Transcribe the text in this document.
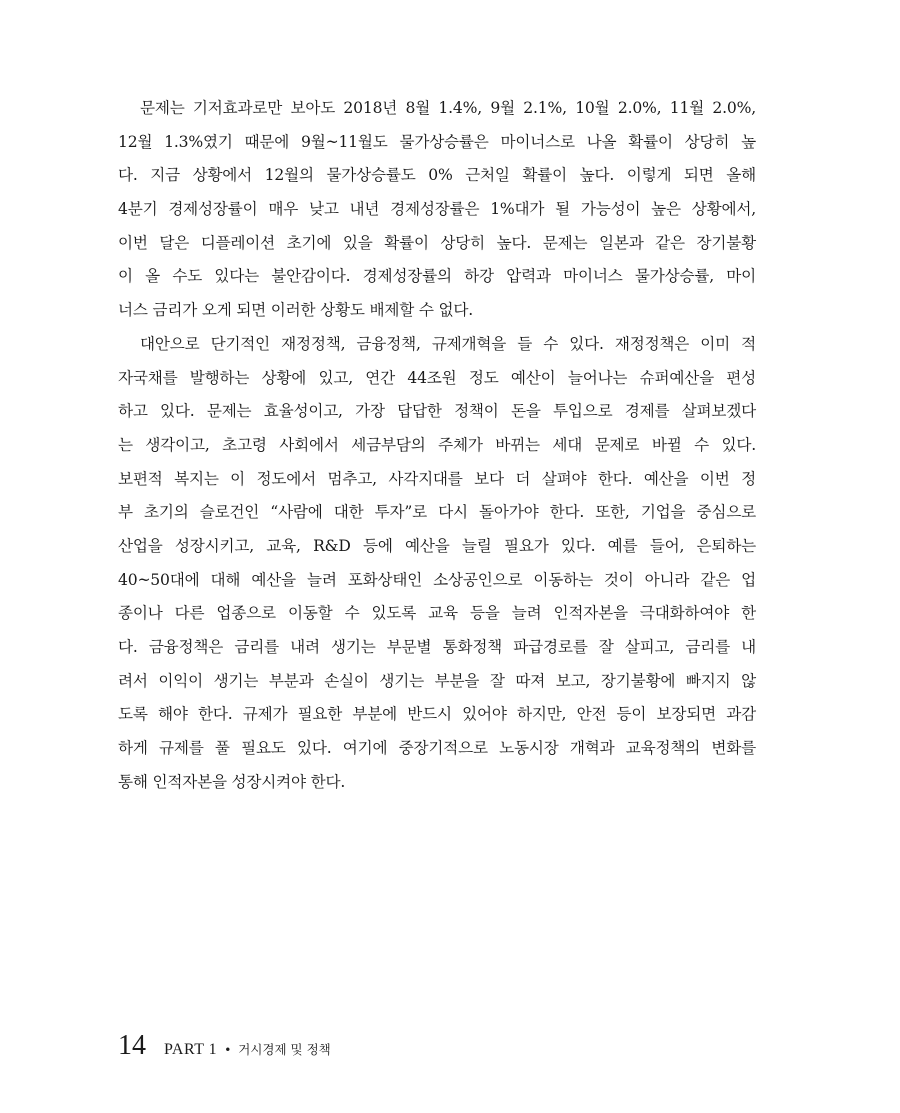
문제는 기저효과로만 보아도 2018년 8월 1.4%, 9월 2.1%, 10월 2.0%, 11월 2.0%,
12월 1.3%였기 때문에 9월~11월도 물가상승률은 마이너스로 나올 확률이 상당히 높
다. 지금 상황에서 12월의 물가상승률도 0% 근처일 확률이 높다. 이렇게 되면 올해
4분기 경제성장률이 매우 낮고 내년 경제성장률은 1%대가 될 가능성이 높은 상황에서,
이번 달은 디플레이션 초기에 있을 확률이 상당히 높다. 문제는 일본과 같은 장기불황
이 올 수도 있다는 불안감이다. 경제성장률의 하강 압력과 마이너스 물가상승률, 마이
너스 금리가 오게 되면 이러한 상황도 배제할 수 없다.
대안으로 단기적인 재정정책, 금융정책, 규제개혁을 들 수 있다. 재정정책은 이미 적
자국채를 발행하는 상황에 있고, 연간 44조원 정도 예산이 늘어나는 슈퍼예산을 편성
하고 있다. 문제는 효율성이고, 가장 답답한 정책이 돈을 투입으로 경제를 살펴보겠다
는 생각이고, 초고령 사회에서 세금부담의 주체가 바뀌는 세대 문제로 바뀔 수 있다.
보편적 복지는 이 정도에서 멈추고, 사각지대를 보다 더 살펴야 한다. 예산을 이번 정
부 초기의 슬로건인 “사람에 대한 투자”로 다시 돌아가야 한다. 또한, 기업을 중심으로
산업을 성장시키고, 교육, R&D 등에 예산을 늘릴 필요가 있다. 예를 들어, 은퇴하는
40~50대에 대해 예산을 늘려 포화상태인 소상공인으로 이동하는 것이 아니라 같은 업
종이나 다른 업종으로 이동할 수 있도록 교육 등을 늘려 인적자본을 극대화하여야 한
다. 금융정책은 금리를 내려 생기는 부문별 통화정책 파급경로를 잘 살피고, 금리를 내
려서 이익이 생기는 부분과 손실이 생기는 부분을 잘 따져 보고, 장기불황에 빠지지 않
도록 해야 한다. 규제가 필요한 부분에 반드시 있어야 하지만, 안전 등이 보장되면 과감
하게 규제를 풀 필요도 있다. 여기에 중장기적으로 노동시장 개혁과 교육정책의 변화를
통해 인적자본을 성장시켜야 한다.
14 PART 1 • 거시경제 및 정책
